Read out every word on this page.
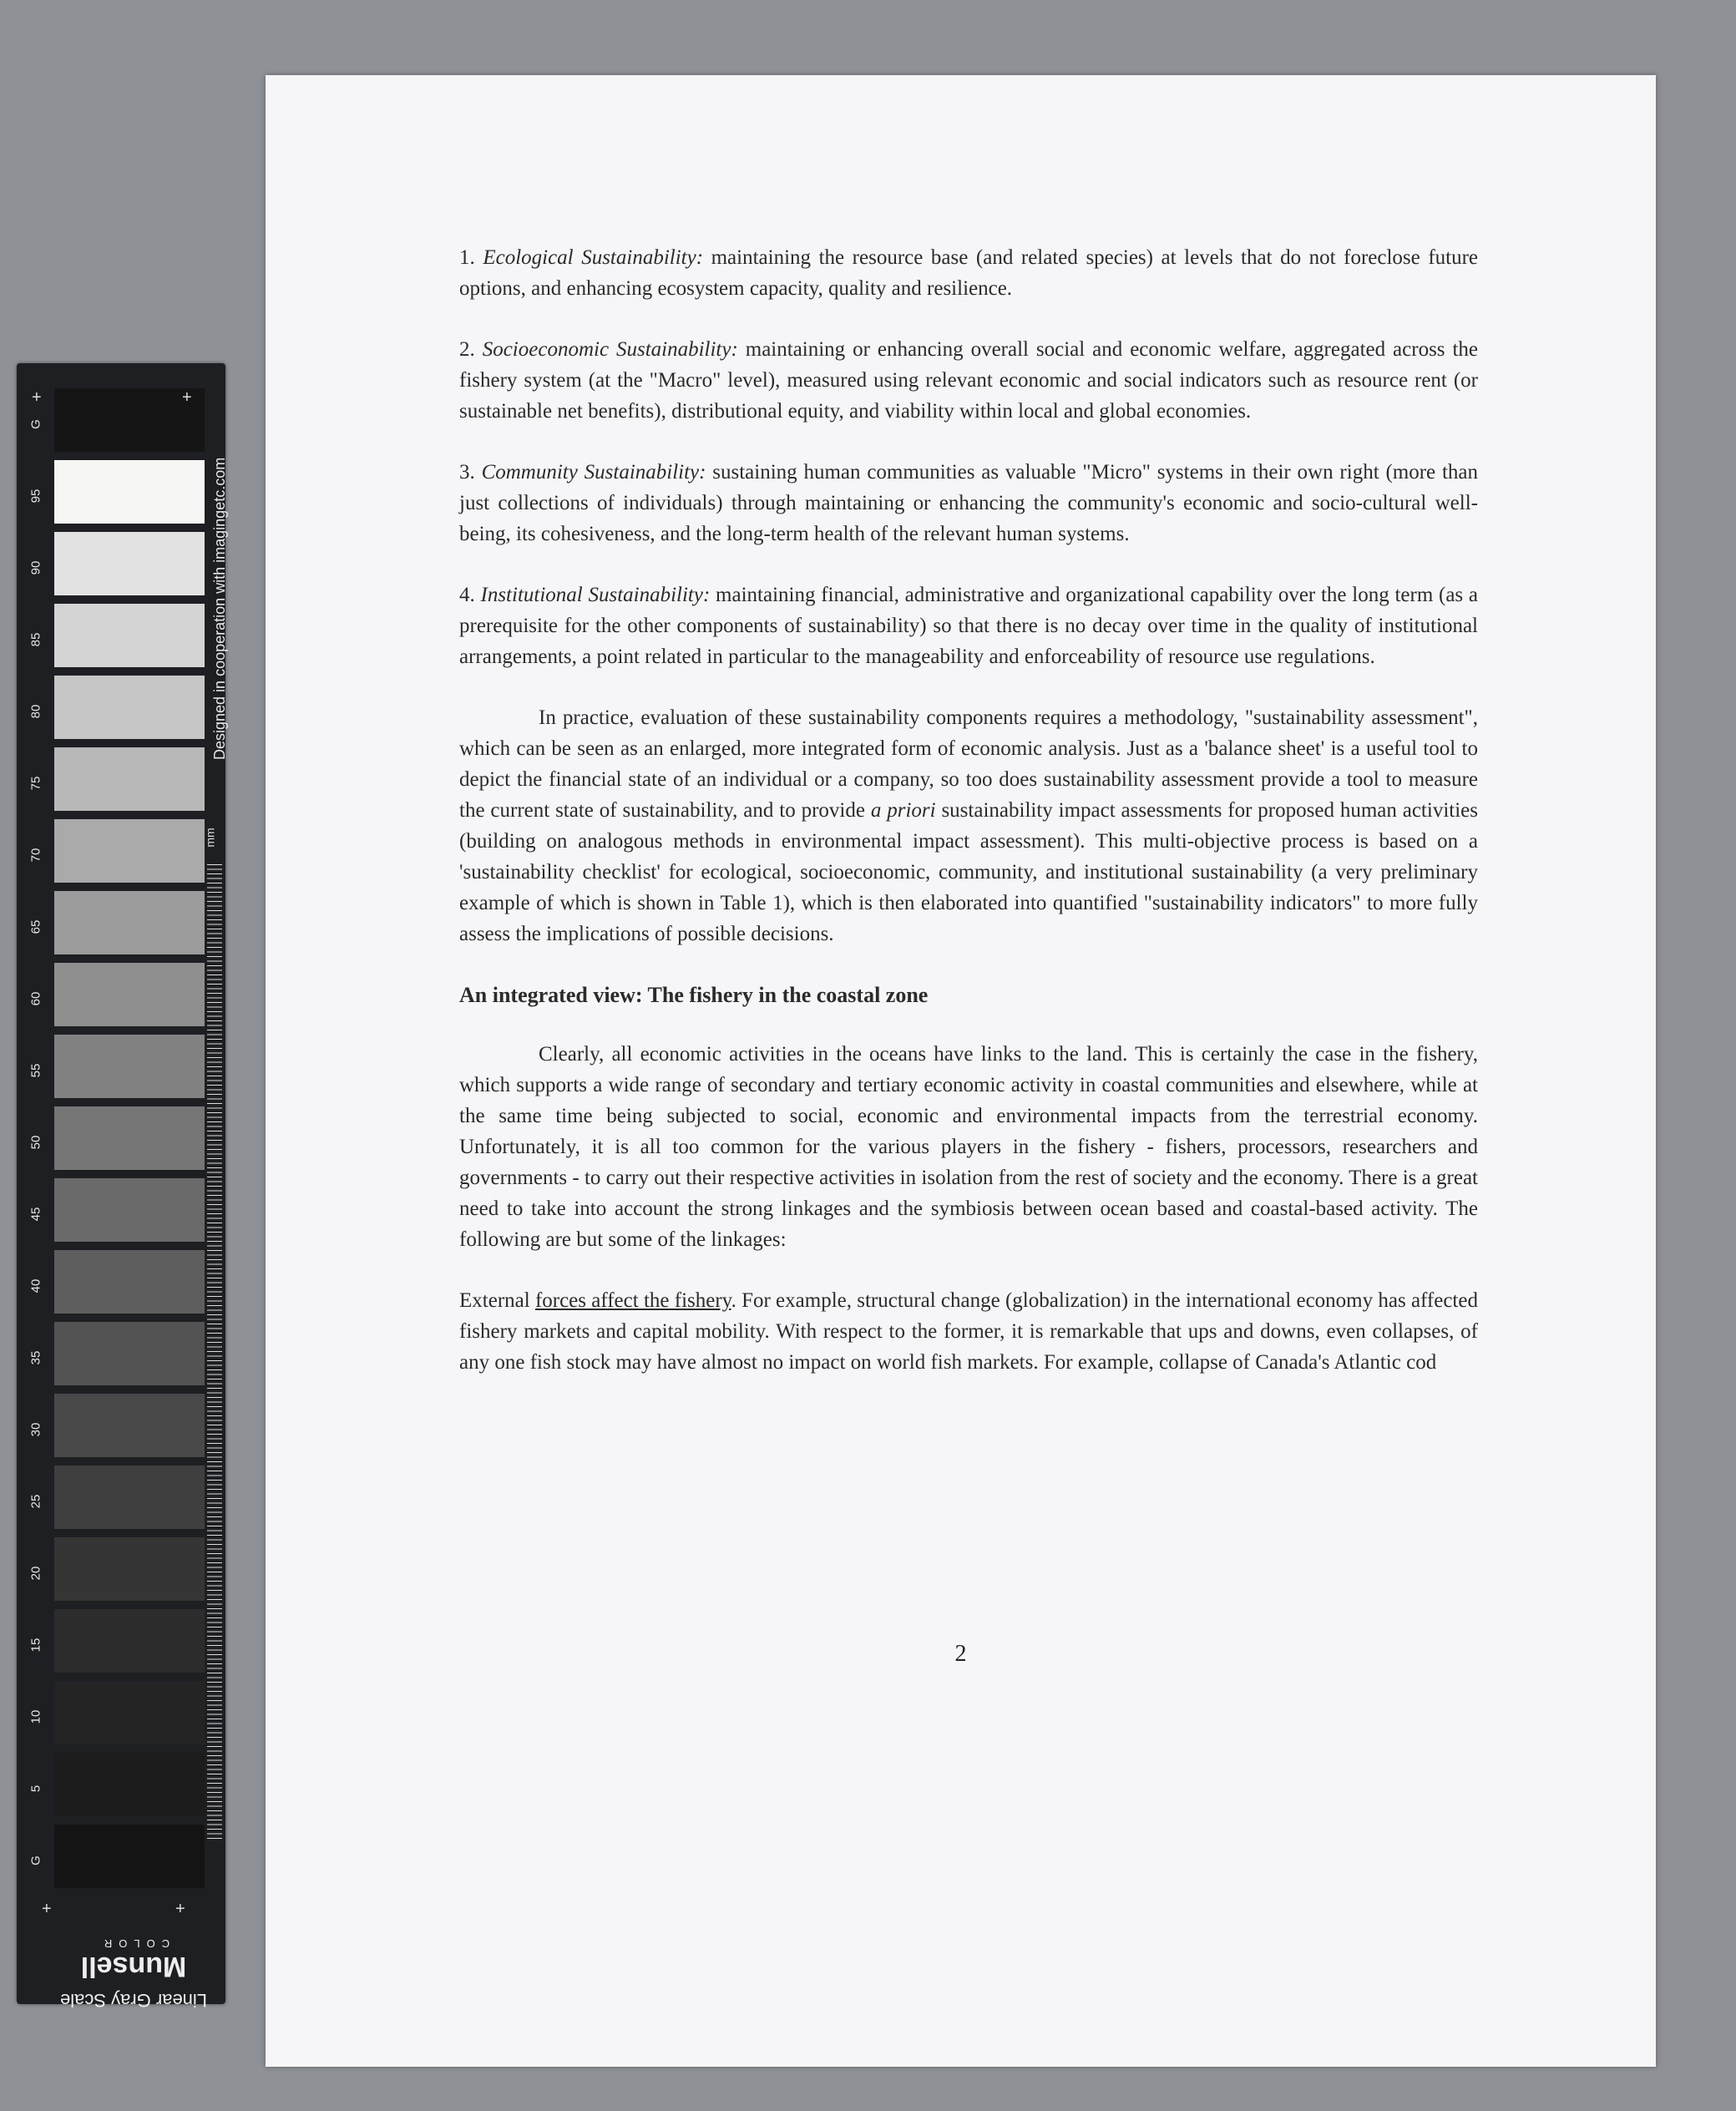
G
95
90
85
80
75
70
65
60
55
50
45
40
35
30
25
20
15
10
5
G
+	+
+	+
mm
Designed in cooperation with imagingetc.com
Linear Gray Scale
Munsell
COLOR

1. Ecological Sustainability: maintaining the resource base (and related species) at levels that do not foreclose future options, and enhancing ecosystem capacity, quality and resilience.

2. Socioeconomic Sustainability: maintaining or enhancing overall social and economic welfare, aggregated across the fishery system (at the "Macro" level), measured using relevant economic and social indicators such as resource rent (or sustainable net benefits), distributional equity, and viability within local and global economies.

3. Community Sustainability: sustaining human communities as valuable "Micro" systems in their own right (more than just collections of individuals) through maintaining or enhancing the community's economic and socio-cultural well-being, its cohesiveness, and the long-term health of the relevant human systems.

4. Institutional Sustainability: maintaining financial, administrative and organizational capability over the long term (as a prerequisite for the other components of sustainability) so that there is no decay over time in the quality of institutional arrangements, a point related in particular to the manageability and enforceability of resource use regulations.

In practice, evaluation of these sustainability components requires a methodology, "sustainability assessment", which can be seen as an enlarged, more integrated form of economic analysis. Just as a 'balance sheet' is a useful tool to depict the financial state of an individual or a company, so too does sustainability assessment provide a tool to measure the current state of sustainability, and to provide a priori sustainability impact assessments for proposed human activities (building on analogous methods in environmental impact assessment). This multi-objective process is based on a 'sustainability checklist' for ecological, socioeconomic, community, and institutional sustainability (a very preliminary example of which is shown in Table 1), which is then elaborated into quantified "sustainability indicators" to more fully assess the implications of possible decisions.

An integrated view: The fishery in the coastal zone

Clearly, all economic activities in the oceans have links to the land. This is certainly the case in the fishery, which supports a wide range of secondary and tertiary economic activity in coastal communities and elsewhere, while at the same time being subjected to social, economic and environmental impacts from the terrestrial economy. Unfortunately, it is all too common for the various players in the fishery - fishers, processors, researchers and governments - to carry out their respective activities in isolation from the rest of society and the economy. There is a great need to take into account the strong linkages and the symbiosis between ocean based and coastal-based activity. The following are but some of the linkages:

External forces affect the fishery. For example, structural change (globalization) in the international economy has affected fishery markets and capital mobility. With respect to the former, it is remarkable that ups and downs, even collapses, of any one fish stock may have almost no impact on world fish markets. For example, collapse of Canada's Atlantic cod

2
